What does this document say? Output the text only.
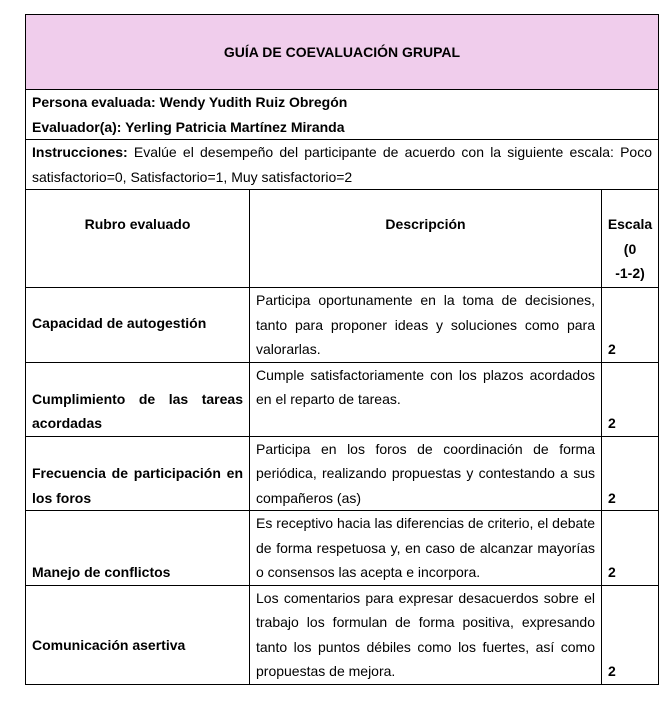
GUÍA DE COEVALUACIÓN GRUPAL		

Persona evaluada: Wendy Yudith Ruiz Obregón
Evaluador(a): Yerling Patricia Martínez Miranda		

Instrucciones: Evalúe el desempeño del participante de acuerdo con la siguiente escala: Poco satisfactorio=0, Satisfactorio=1, Muy satisfactorio=2		
Rubro evaluado	Descripción	Escala
(0
-1-2)

Capacidad de autogestión	Participa oportunamente en la toma de decisiones, tanto para proponer ideas y soluciones como para valorarlas.	2

Cumplimiento de las tareas
acordadas	Cumple satisfactoriamente con los plazos acordados en el reparto de tareas.	2

Frecuencia de participación en
los foros	Participa en los foros de coordinación de forma periódica, realizando propuestas y contestando a sus compañeros (as)	2
Manejo de conflictos	Es receptivo hacia las diferencias de criterio, el debate de forma respetuosa y, en caso de alcanzar mayorías o consensos las acepta e incorpora.	2
Comunicación asertiva	Los comentarios para expresar desacuerdos sobre el trabajo los formulan de forma positiva, expresando tanto los puntos débiles como los fuertes, así como propuestas de mejora.	2
